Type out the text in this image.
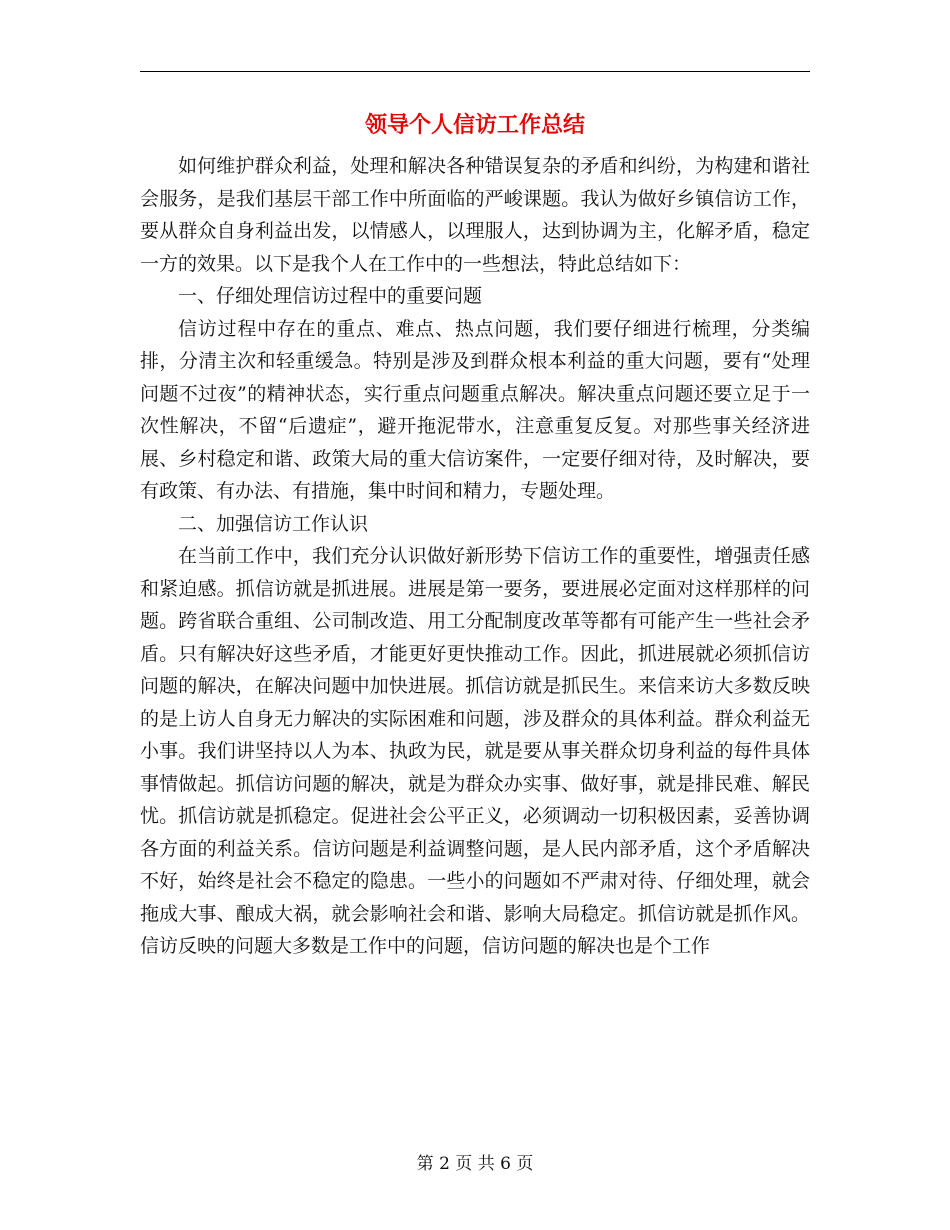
领导个人信访工作总结

如何维护群众利益，处理和解决各种错误复杂的矛盾和纠纷，为构建和谐社会服务，是我们基层干部工作中所面临的严峻课题。我认为做好乡镇信访工作，要从群众自身利益出发，以情感人，以理服人，达到协调为主，化解矛盾，稳定一方的效果。以下是我个人在工作中的一些想法，特此总结如下：

一、仔细处理信访过程中的重要问题

信访过程中存在的重点、难点、热点问题，我们要仔细进行梳理，分类编排，分清主次和轻重缓急。特别是涉及到群众根本利益的重大问题，要有“处理问题不过夜”的精神状态，实行重点问题重点解决。解决重点问题还要立足于一次性解决，不留“后遗症”，避开拖泥带水，注意重复反复。对那些事关经济进展、乡村稳定和谐、政策大局的重大信访案件，一定要仔细对待，及时解决，要有政策、有办法、有措施，集中时间和精力，专题处理。

二、加强信访工作认识

在当前工作中，我们充分认识做好新形势下信访工作的重要性，增强责任感和紧迫感。抓信访就是抓进展。进展是第一要务，要进展必定面对这样那样的问题。跨省联合重组、公司制改造、用工分配制度改革等都有可能产生一些社会矛盾。只有解决好这些矛盾，才能更好更快推动工作。因此，抓进展就必须抓信访问题的解决，在解决问题中加快进展。抓信访就是抓民生。来信来访大多数反映的是上访人自身无力解决的实际困难和问题，涉及群众的具体利益。群众利益无小事。我们讲坚持以人为本、执政为民，就是要从事关群众切身利益的每件具体事情做起。抓信访问题的解决，就是为群众办实事、做好事，就是排民难、解民忧。抓信访就是抓稳定。促进社会公平正义，必须调动一切积极因素，妥善协调各方面的利益关系。信访问题是利益调整问题，是人民内部矛盾，这个矛盾解决不好，始终是社会不稳定的隐患。一些小的问题如不严肃对待、仔细处理，就会拖成大事、酿成大祸，就会影响社会和谐、影响大局稳定。抓信访就是抓作风。信访反映的问题大多数是工作中的问题，信访问题的解决也是个工作

第 2 页 共 6 页
